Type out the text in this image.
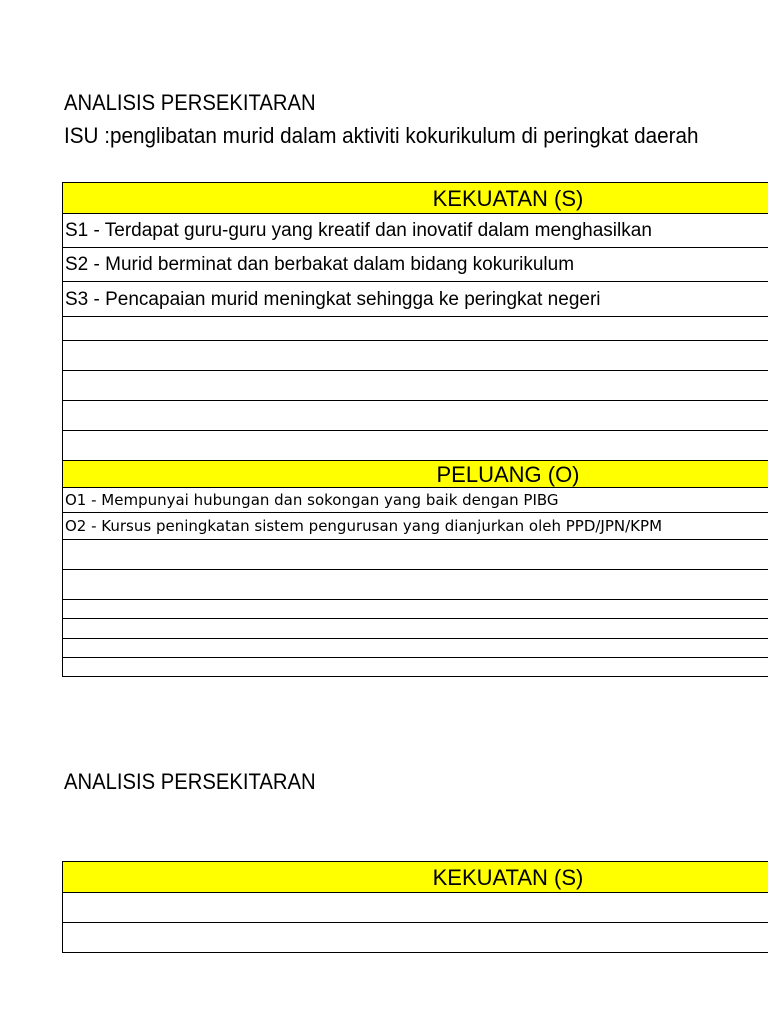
ANALISIS PERSEKITARAN
ISU :penglibatan murid dalam aktiviti kokurikulum di peringkat daerah
KEKUATAN (S)
S1 - Terdapat guru-guru yang kreatif dan inovatif dalam menghasilkan
S2 - Murid berminat dan berbakat dalam bidang kokurikulum
S3 - Pencapaian murid meningkat sehingga ke peringkat negeri
PELUANG (O)
O1 - Mempunyai hubungan dan sokongan yang baik dengan PIBG
O2 - Kursus peningkatan sistem pengurusan yang dianjurkan oleh PPD/JPN/KPM
ANALISIS PERSEKITARAN
KEKUATAN (S)
